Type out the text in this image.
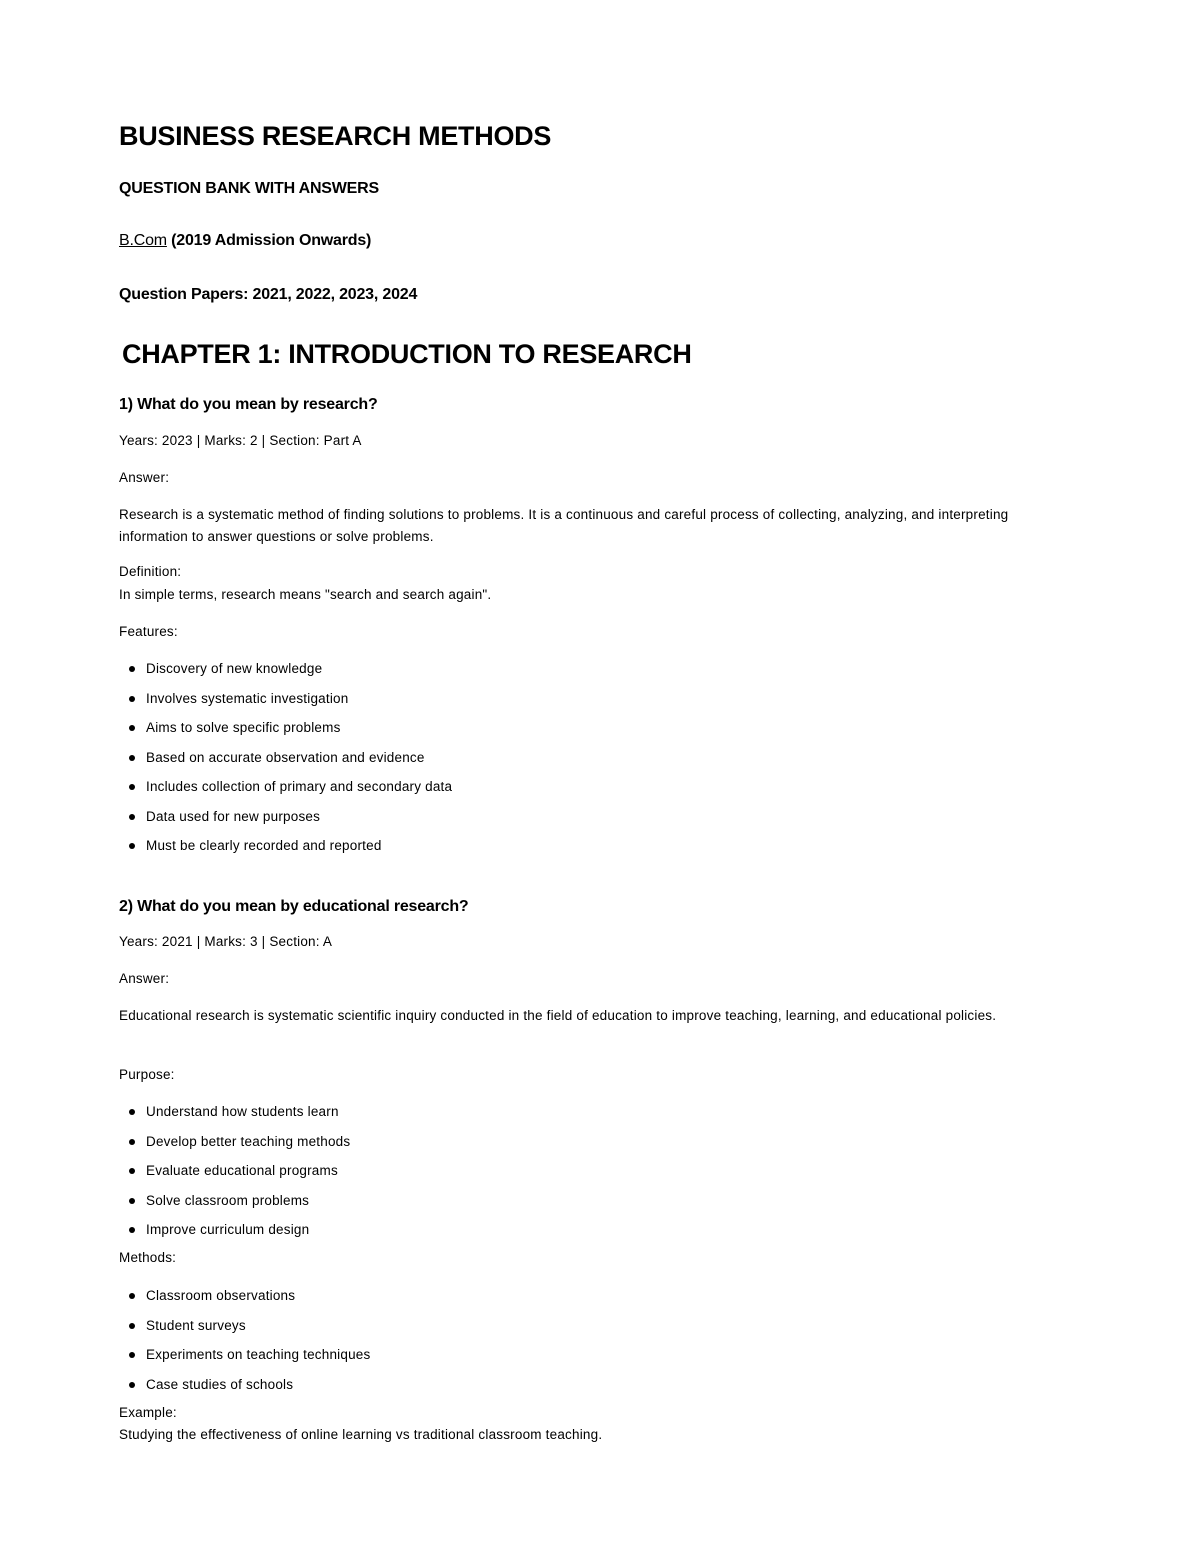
BUSINESS RESEARCH METHODS

QUESTION BANK WITH ANSWERS

B.Com (2019 Admission Onwards)

Question Papers: 2021, 2022, 2023, 2024

CHAPTER 1: INTRODUCTION TO RESEARCH
1) What do you mean by research?

Years: 2023 | Marks: 2 | Section: Part A

Answer:

Research is a systematic method of finding solutions to problems. It is a continuous and careful process of collecting, analyzing, and interpreting information to answer questions or solve problems.

Definition:

In simple terms, research means "search and search again".

Features:

Discovery of new knowledge
Involves systematic investigation
Aims to solve specific problems
Based on accurate observation and evidence
Includes collection of primary and secondary data
Data used for new purposes
Must be clearly recorded and reported
2) What do you mean by educational research?

Years: 2021 | Marks: 3 | Section: A

Answer:

Educational research is systematic scientific inquiry conducted in the field of education to improve teaching, learning, and educational policies.

Purpose:

Understand how students learn
Develop better teaching methods
Evaluate educational programs
Solve classroom problems
Improve curriculum design

Methods:

Classroom observations
Student surveys
Experiments on teaching techniques
Case studies of schools

Example:

Studying the effectiveness of online learning vs traditional classroom teaching.
